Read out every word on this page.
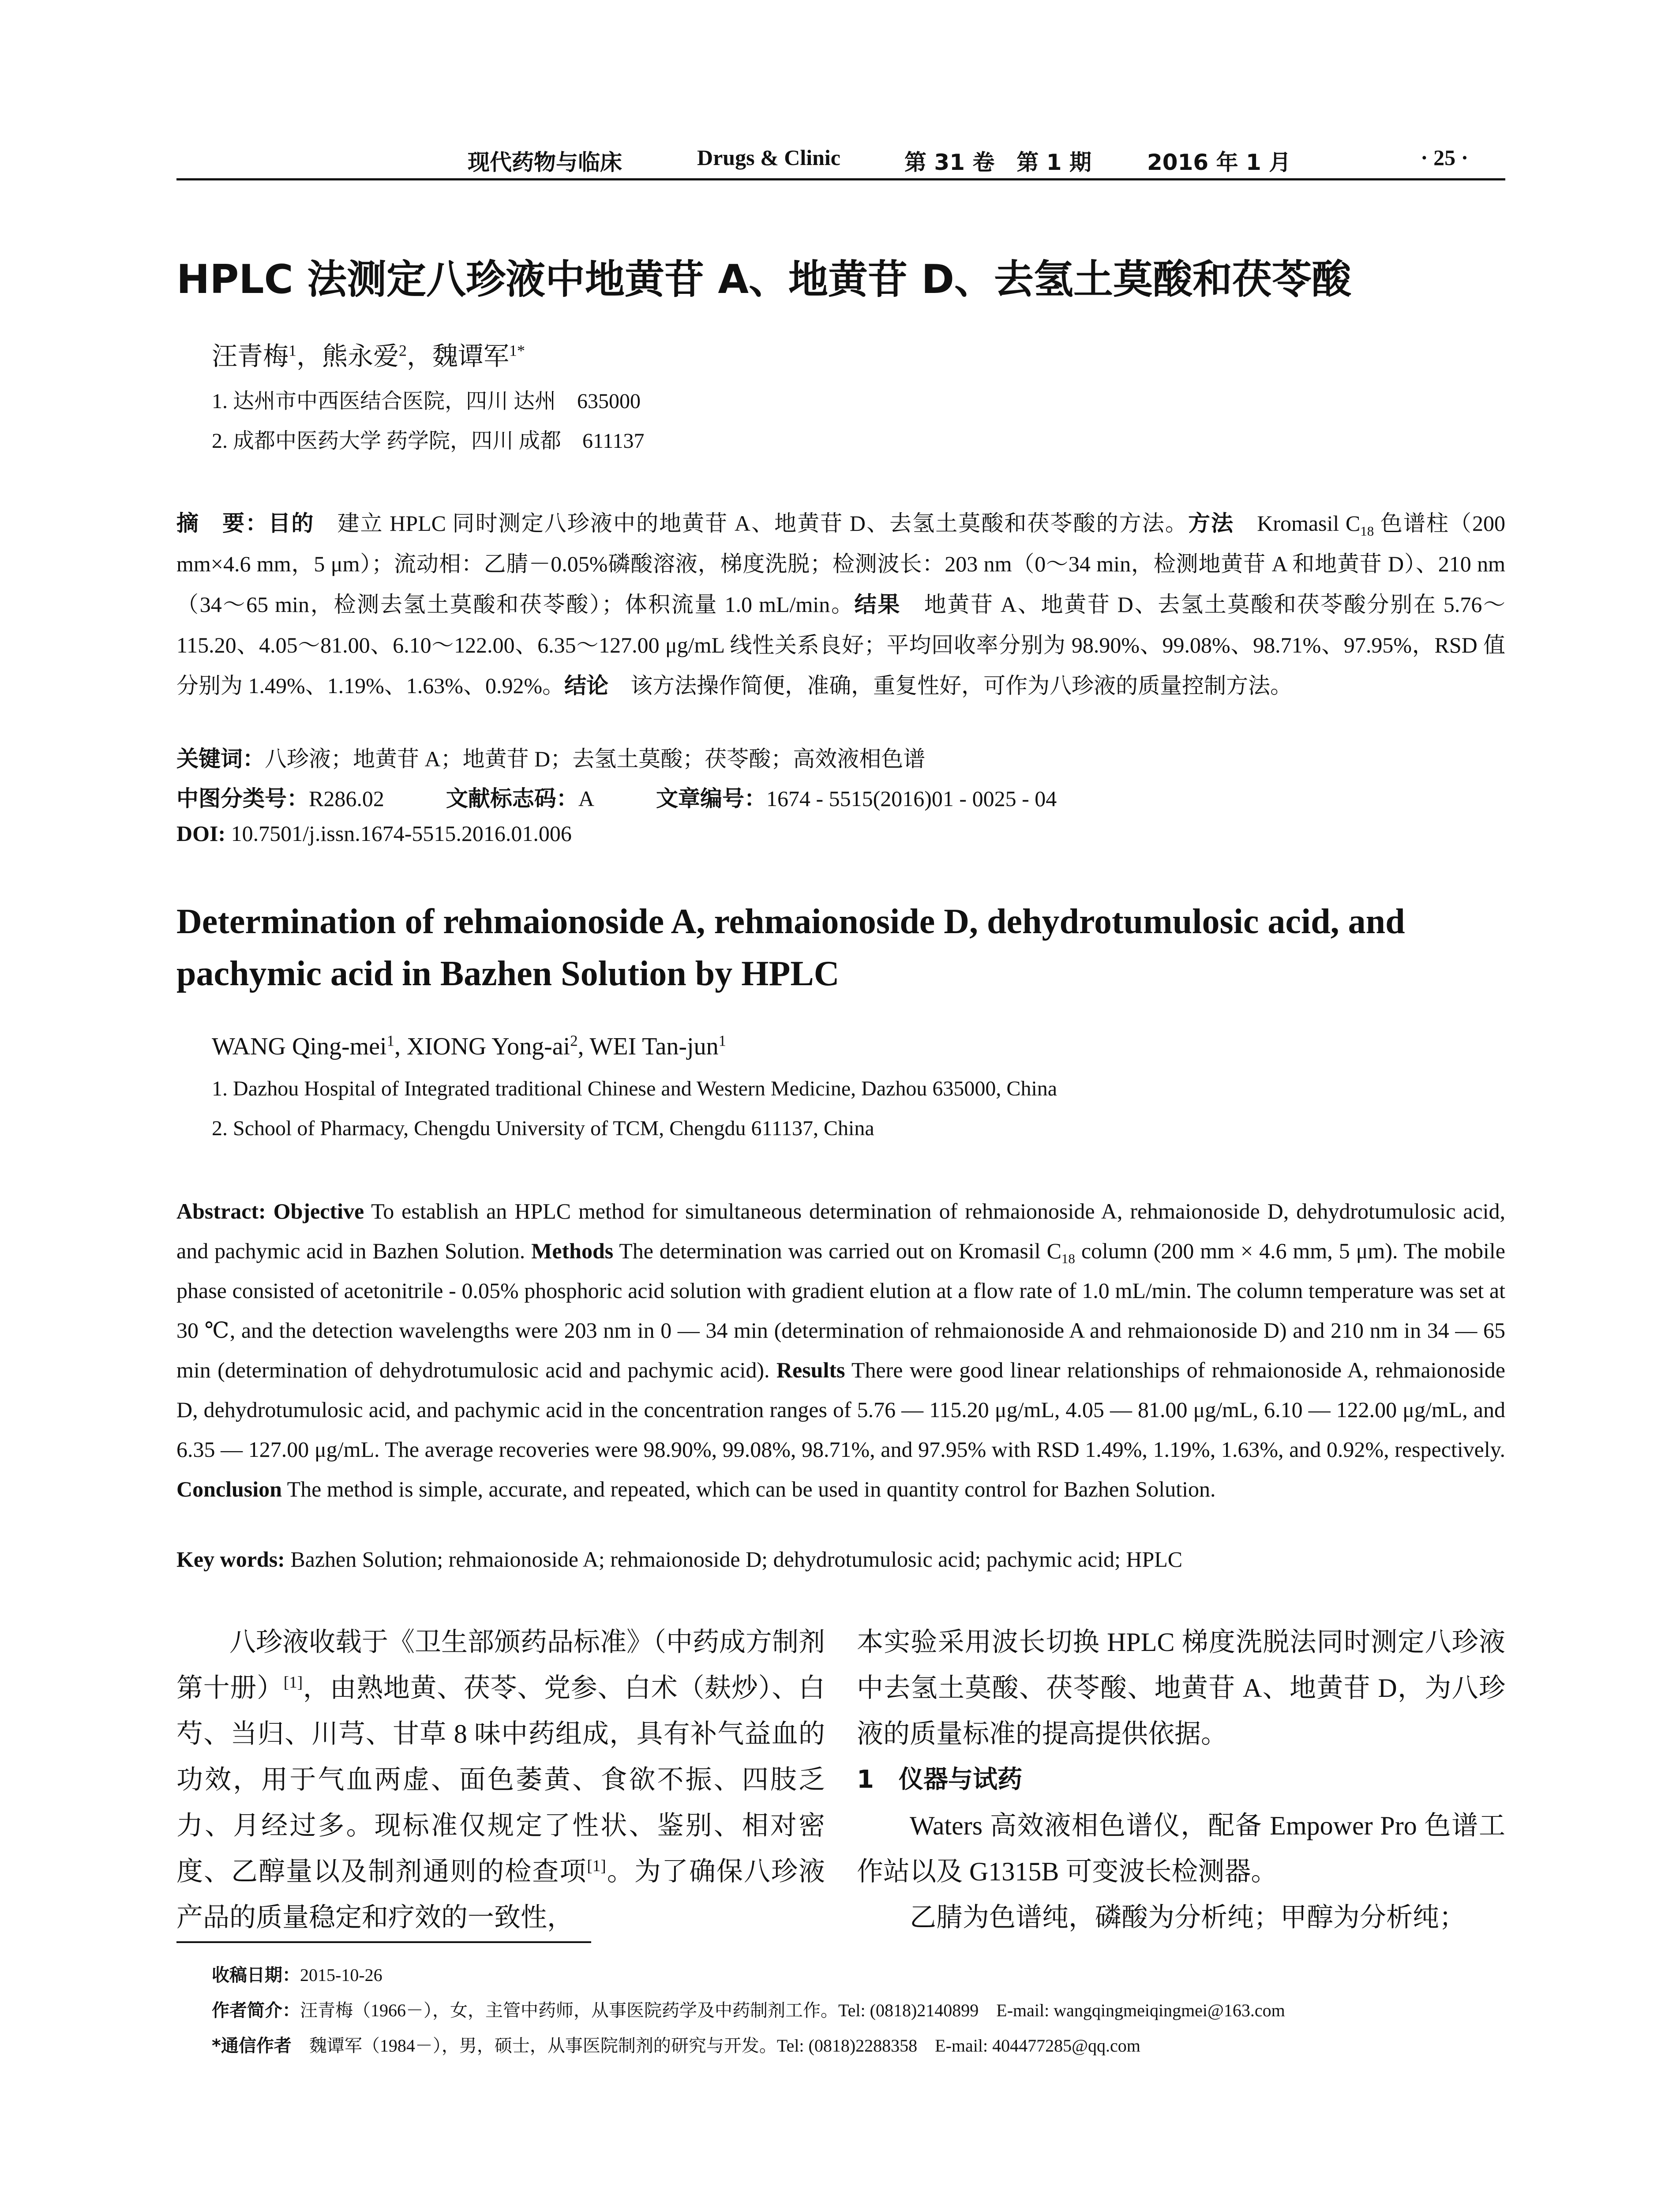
现代药物与临床	Drugs & Clinic	第 31 卷　第 1 期	2016 年 1 月	· 25 ·
HPLC 法测定八珍液中地黄苷 A、地黄苷 D、去氢土莫酸和茯苓酸
汪青梅$^1$，熊永爱$^2$，魏谭军$^{1*}$
1. 达州市中西医结合医院，四川 达州　635000
2. 成都中医药大学 药学院，四川 成都　611137
摘　要：目的　建立 HPLC 同时测定八珍液中的地黄苷 A、地黄苷 D、去氢土莫酸和茯苓酸的方法。方法　Kromasil $C_{18}$ 色谱柱（200 mm×4.6 mm，5 μm）；流动相：乙腈－0.05%磷酸溶液，梯度洗脱；检测波长：203 nm（0～34 min，检测地黄苷 A 和地黄苷 D）、210 nm（34～65 min，检测去氢土莫酸和茯苓酸）；体积流量 1.0 mL/min。结果　地黄苷 A、地黄苷 D、去氢土莫酸和茯苓酸分别在 5.76～115.20、4.05～81.00、6.10～122.00、6.35～127.00 μg/mL 线性关系良好；平均回收率分别为 98.90%、99.08%、98.71%、97.95%，RSD 值分别为 1.49%、1.19%、1.63%、0.92%。结论　该方法操作简便，准确，重复性好，可作为八珍液的质量控制方法。
关键词：八珍液；地黄苷 A；地黄苷 D；去氢土莫酸；茯苓酸；高效液相色谱
中图分类号：R286.02	文献标志码：A	文章编号：1674 - 5515(2016)01 - 0025 - 04
DOI: 10.7501/j.issn.1674-5515.2016.01.006
Determination of rehmaionoside A, rehmaionoside D, dehydrotumulosic acid, and pachymic acid in Bazhen Solution by HPLC
WANG Qing-mei$^1$, XIONG Yong-$ai^2$, WEI Tan-jun$^1$
1. Dazhou Hospital of Integrated traditional Chinese and Western Medicine, Dazhou 635000, China
2. School of Pharmacy, Chengdu University of TCM, Chengdu 611137, China
Abstract: Objective To establish an HPLC method for simultaneous determination of rehmaionoside A, rehmaionoside D, dehydrotumulosic acid, and pachymic acid in Bazhen Solution. Methods The determination was carried out on Kromasil $C_{18}$ column (200 mm × 4.6 mm, 5 μm). The mobile phase consisted of acetonitrile - 0.05% phosphoric acid solution with gradient elution at a flow rate of 1.0 mL/min. The column temperature was set at 30 ℃, and the detection wavelengths were 203 nm in 0 — 34 min (determination of rehmaionoside A and rehmaionoside D) and 210 nm in 34 — 65 min (determination of dehydrotumulosic acid and pachymic acid). Results There were good linear relationships of rehmaionoside A, rehmaionoside D, dehydrotumulosic acid, and pachymic acid in the concentration ranges of 5.76 — 115.20 μg/mL, 4.05 — 81.00 μg/mL, 6.10 — 122.00 μg/mL, and 6.35 — 127.00 μg/mL. The average recoveries were 98.90%, 99.08%, 98.71%, and 97.95% with RSD 1.49%, 1.19%, 1.63%, and 0.92%, respectively. Conclusion The method is simple, accurate, and repeated, which can be used in quantity control for Bazhen Solution.
Key words: Bazhen Solution; rehmaionoside A; rehmaionoside D; dehydrotumulosic acid; pachymic acid; HPLC

八珍液收载于《卫生部颁药品标准》（中药成方制剂第十册）[1]，由熟地黄、茯苓、党参、白术（麸炒）、白芍、当归、川芎、甘草 8 味中药组成，具有补气益血的功效，用于气血两虚、面色萎黄、食欲不振、四肢乏力、月经过多。现标准仅规定了性状、鉴别、相对密度、乙醇量以及制剂通则的检查项[1]。为了确保八珍液产品的质量稳定和疗效的一致性，

本实验采用波长切换 HPLC 梯度洗脱法同时测定八珍液中去氢土莫酸、茯苓酸、地黄苷 A、地黄苷 D，为八珍液的质量标准的提高提供依据。

1　仪器与试药

Waters 高效液相色谱仪，配备 Empower Pro 色谱工作站以及 G1315B 可变波长检测器。

乙腈为色谱纯，磷酸为分析纯；甲醇为分析纯；

收稿日期：2015-10-26
作者简介：汪青梅（1966－），女，主管中药师，从事医院药学及中药制剂工作。Tel: (0818)2140899　E-mail: wangqingmeiqingmei@163.com
*通信作者　魏谭军（1984－），男，硕士，从事医院制剂的研究与开发。Tel: (0818)2288358　E-mail: 404477285@qq.com
